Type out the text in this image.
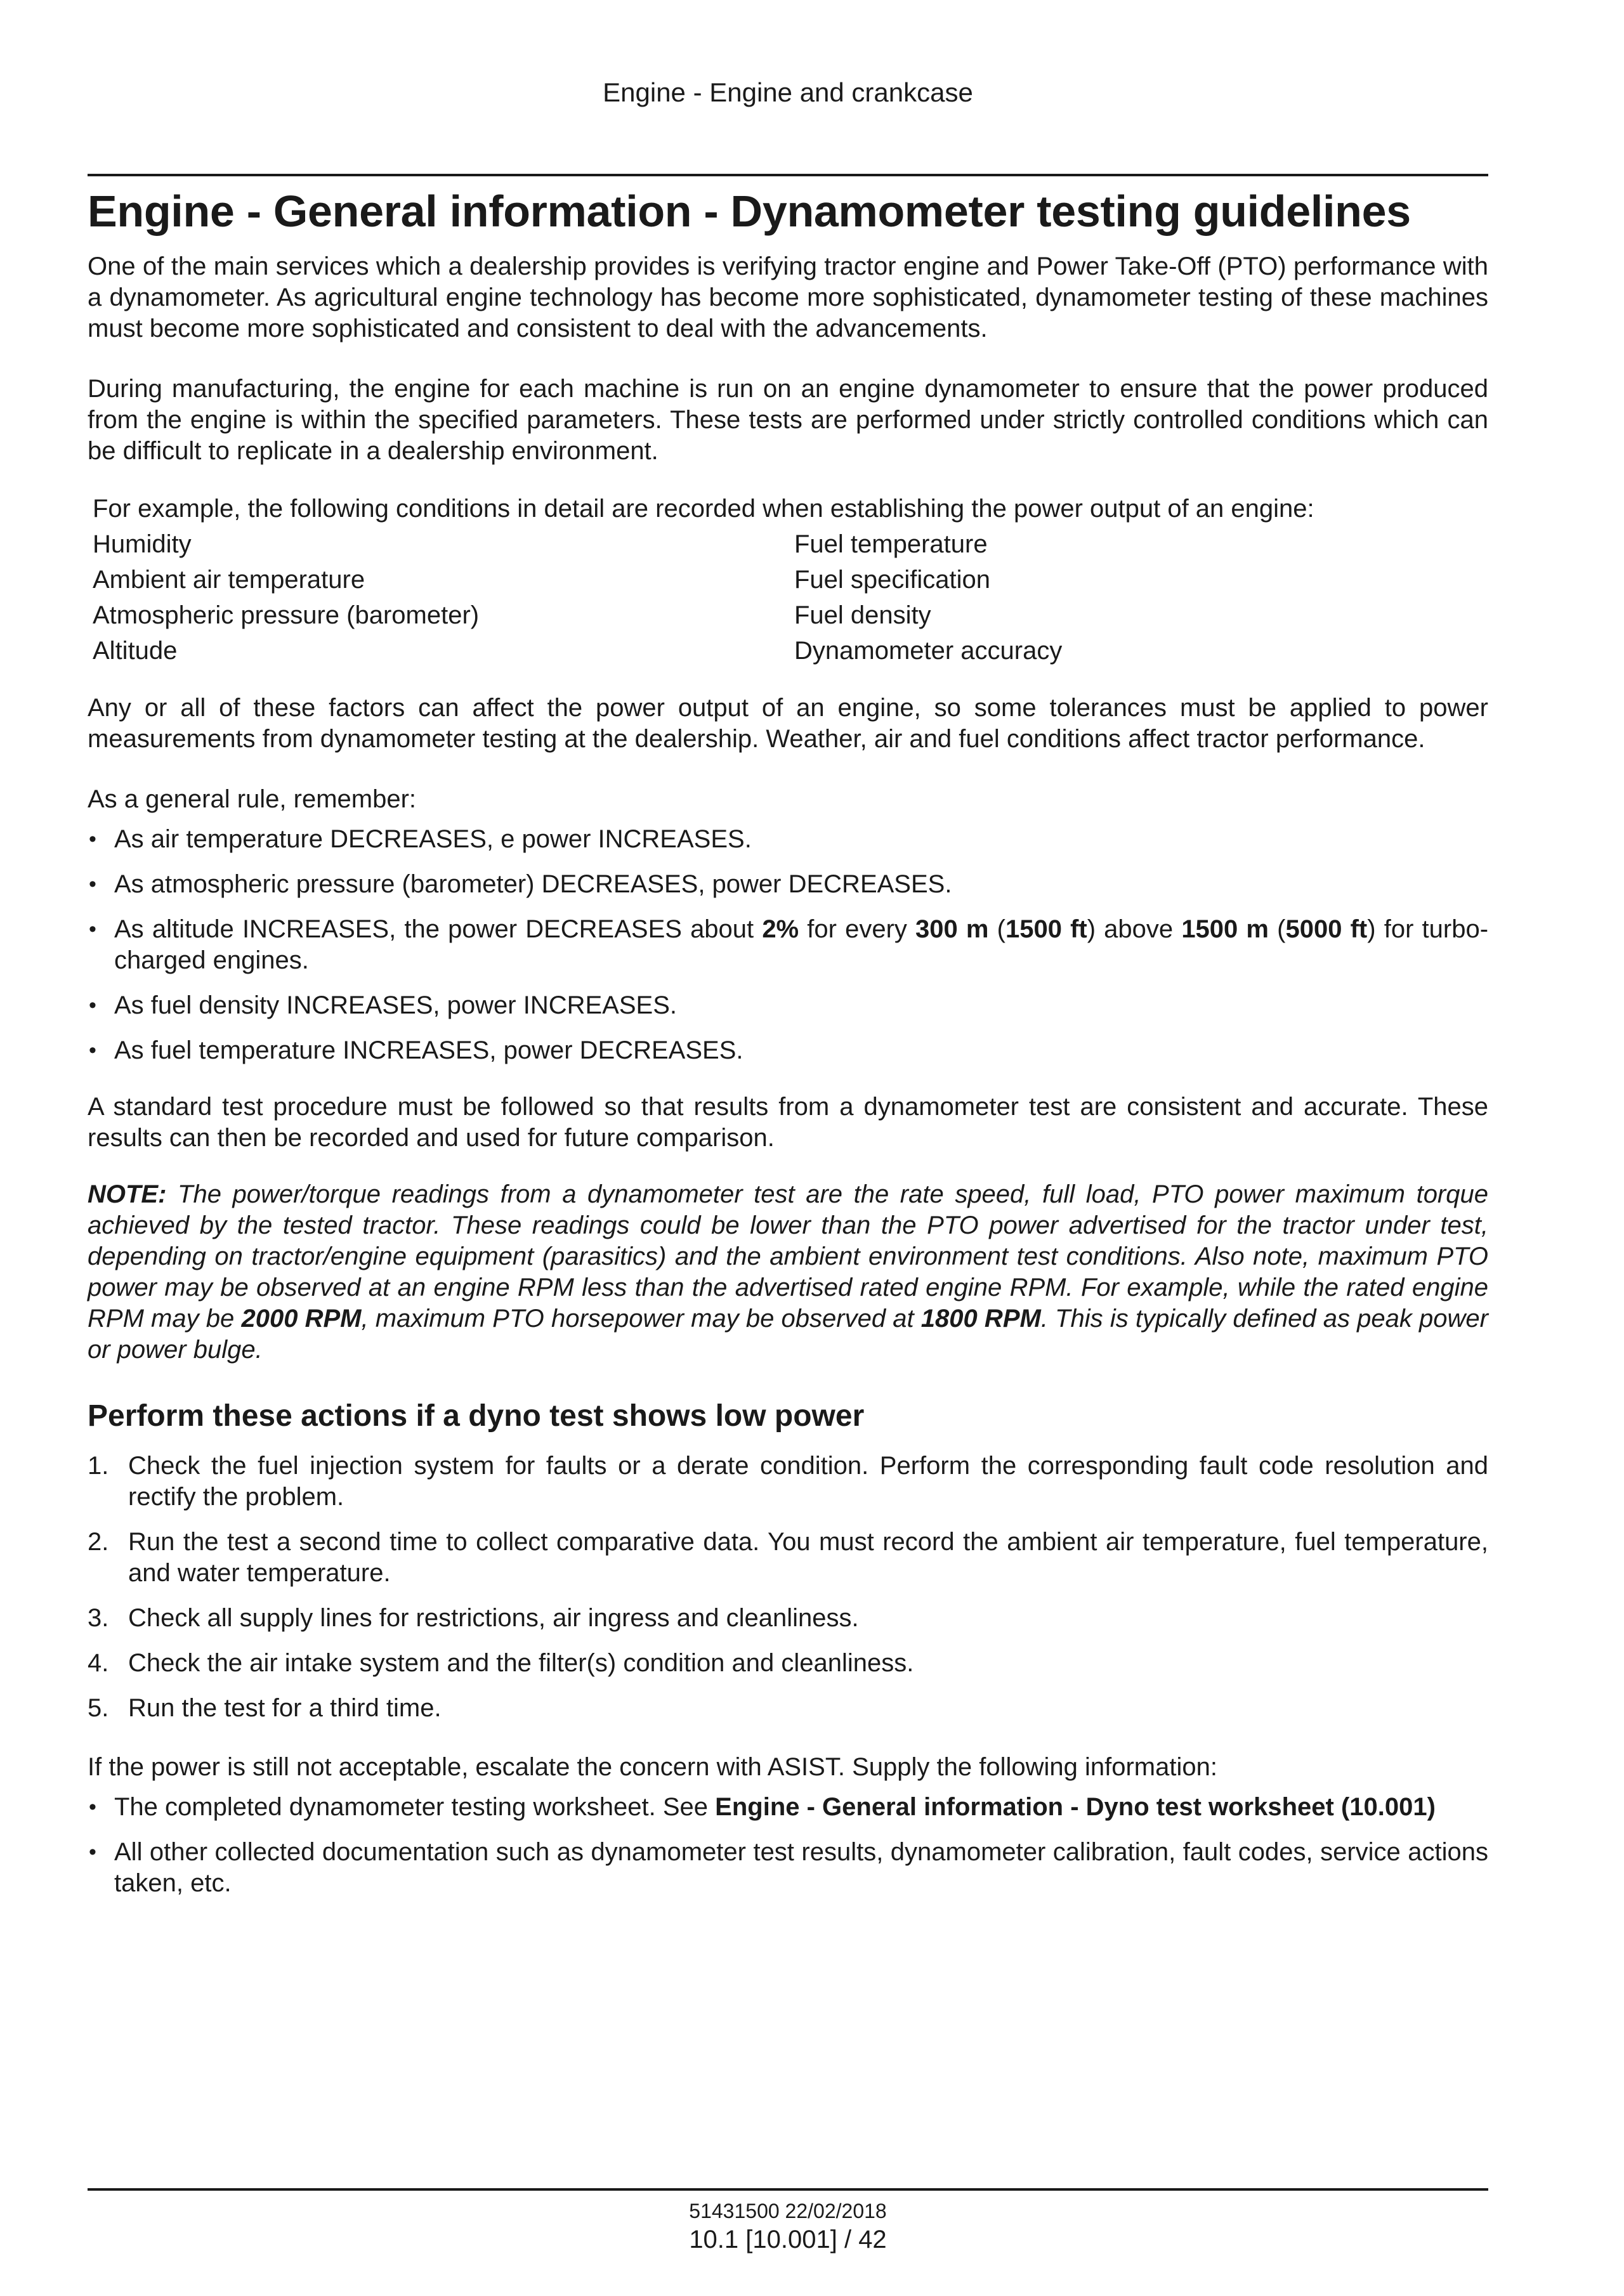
Engine - Engine and crankcase
Engine - General information - Dynamometer testing guidelines

One of the main services which a dealership provides is verifying tractor engine and Power Take-Off (PTO) performance with a dynamometer. As agricultural engine technology has become more sophisticated, dynamometer testing of these machines must become more sophisticated and consistent to deal with the advancements.

During manufacturing, the engine for each machine is run on an engine dynamometer to ensure that the power produced from the engine is within the specified parameters. These tests are performed under strictly controlled conditions which can be difficult to replicate in a dealership environment.

For example, the following conditions in detail are recorded when establishing the power output of an engine:
Humidity	Fuel temperature
Ambient air temperature	Fuel specification
Atmospheric pressure (barometer)	Fuel density
Altitude	Dynamometer accuracy

Any or all of these factors can affect the power output of an engine, so some tolerances must be applied to power measurements from dynamometer testing at the dealership. Weather, air and fuel conditions affect tractor performance.

As a general rule, remember:

• As air temperature DECREASES, e power INCREASES.
• As atmospheric pressure (barometer) DECREASES, power DECREASES.
• As altitude INCREASES, the power DECREASES about 2% for every 300 m (1500 ft) above 1500 m (5000 ft) for turbo-charged engines.
• As fuel density INCREASES, power INCREASES.
• As fuel temperature INCREASES, power DECREASES.

A standard test procedure must be followed so that results from a dynamometer test are consistent and accurate. These results can then be recorded and used for future comparison.

NOTE: The power/torque readings from a dynamometer test are the rate speed, full load, PTO power maximum torque achieved by the tested tractor. These readings could be lower than the PTO power advertised for the tractor under test, depending on tractor/engine equipment (parasitics) and the ambient environment test conditions. Also note, maximum PTO power may be observed at an engine RPM less than the advertised rated engine RPM. For example, while the rated engine RPM may be 2000 RPM, maximum PTO horsepower may be observed at 1800 RPM. This is typically defined as peak power or power bulge.

Perform these actions if a dyno test shows low power
1. Check the fuel injection system for faults or a derate condition. Perform the corresponding fault code resolution and rectify the problem.
2. Run the test a second time to collect comparative data. You must record the ambient air temperature, fuel temperature, and water temperature.
3. Check all supply lines for restrictions, air ingress and cleanliness.
4. Check the air intake system and the filter(s) condition and cleanliness.
5. Run the test for a third time.

If the power is still not acceptable, escalate the concern with ASIST. Supply the following information:

• The completed dynamometer testing worksheet. See Engine - General information - Dyno test worksheet (10.001)
• All other collected documentation such as dynamometer test results, dynamometer calibration, fault codes, service actions taken, etc.
51431500 22/02/2018
10.1 [10.001] / 42
